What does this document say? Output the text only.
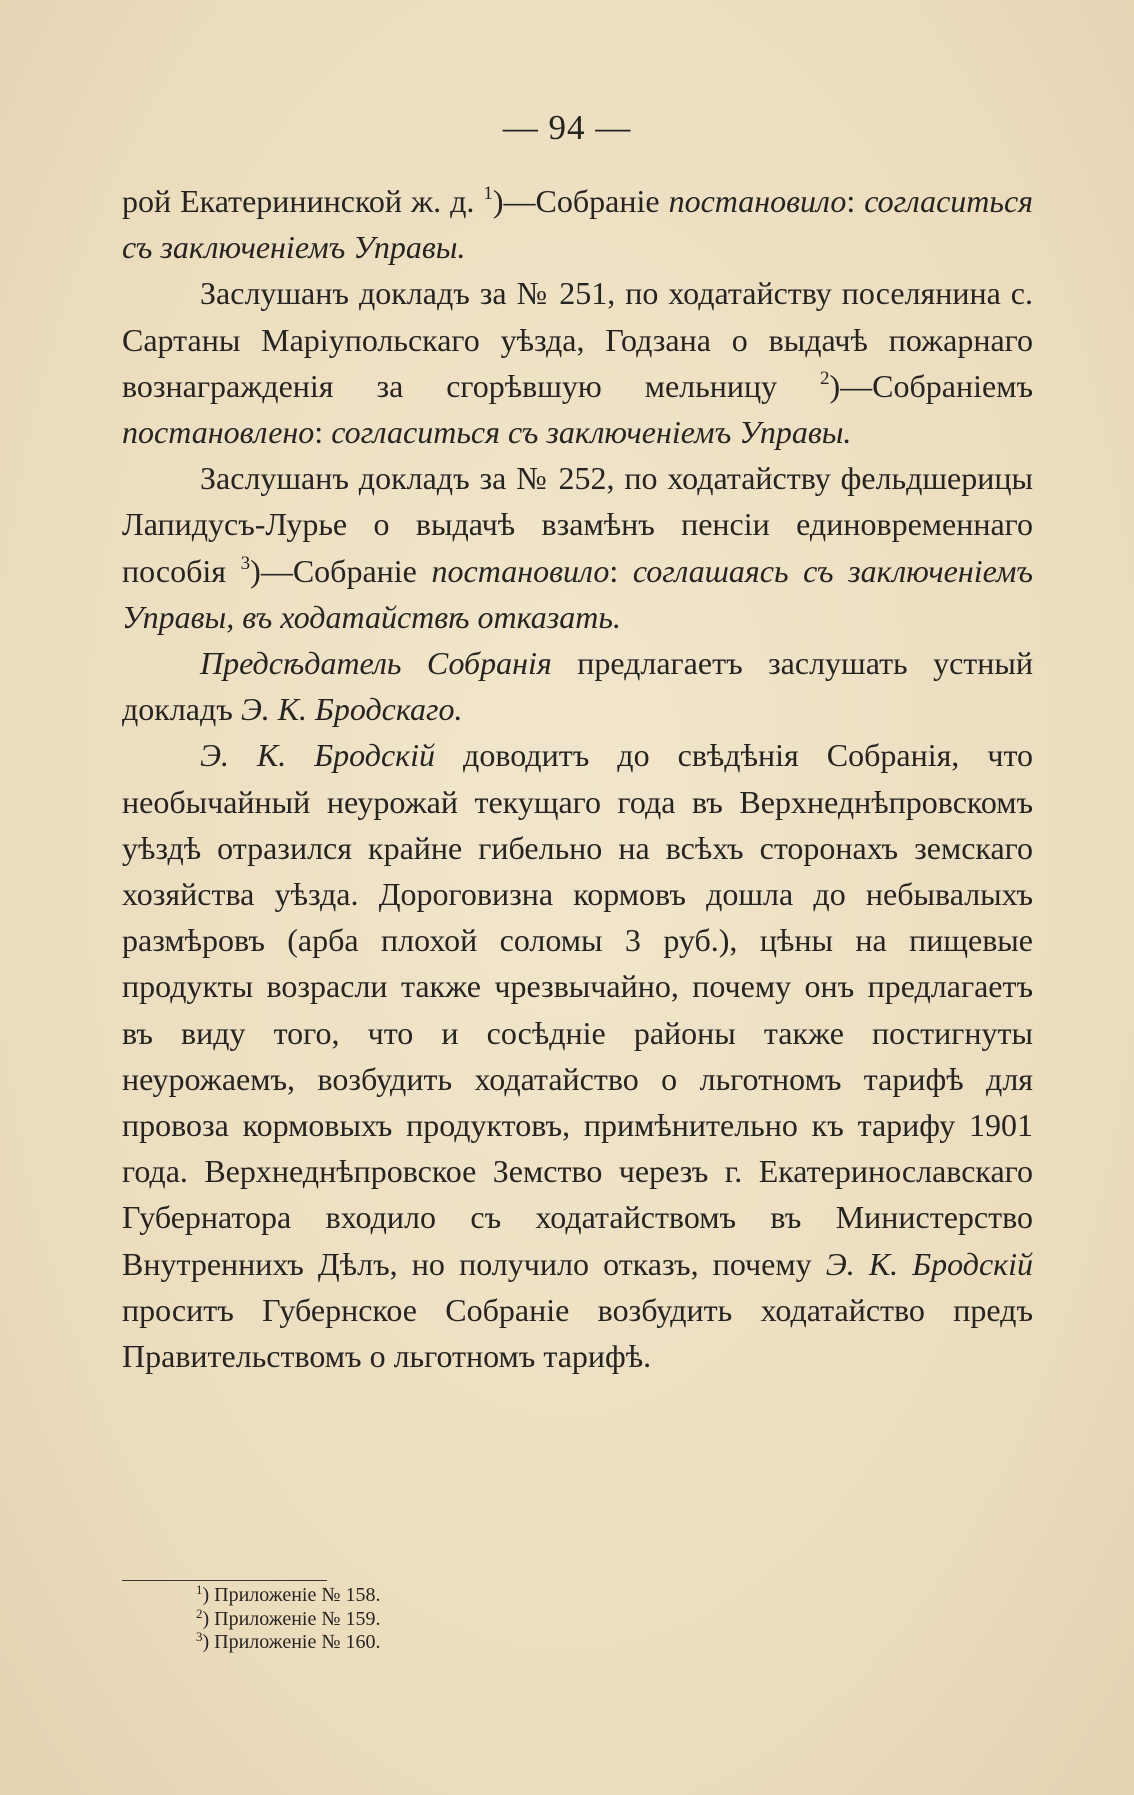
— 94 —

рой Екатерининской ж. д. $^1$)—Собраніе постановило: согласиться съ заключеніемъ Управы.

Заслушанъ докладъ за № 251, по ходатайству поселянина с. Сартаны Маріупольскаго уѣзда, Годзана о выдачѣ пожарнаго вознагражденія за сгорѣвшую мельницу $^2$)—Собраніемъ постановлено: согласиться съ заключеніемъ Управы.

Заслушанъ докладъ за № 252, по ходатайству фельдшерицы Лапидусъ-Лурье о выдачѣ взамѣнъ пенсіи единовременнаго пособія $^3$)—Собраніе постановило: соглашаясь съ заключеніемъ Управы, въ ходатайствѣ отказать.

Предсѣдатель Собранія предлагаетъ заслушать устный докладъ Э. К. Бродскаго.

Э. К. Бродскій доводитъ до свѣдѣнія Собранія, что необычайный неурожай текущаго года въ Верхнеднѣпровскомъ уѣздѣ отразился крайне гибельно на всѣхъ сторонахъ земскаго хозяйства уѣзда. Дороговизна кормовъ дошла до небывалыхъ размѣровъ (арба плохой соломы 3 руб.), цѣны на пищевые продукты возрасли также чрезвычайно, почему онъ предлагаетъ въ виду того, что и сосѣдніе районы также постигнуты неурожаемъ, возбудить ходатайство о льготномъ тарифѣ для провоза кормовыхъ продуктовъ, примѣнительно къ тарифу 1901 года. Верхнеднѣпровское Земство черезъ г. Екатеринославскаго Губернатора входило съ ходатайствомъ въ Министерство Внутреннихъ Дѣлъ, но получило отказъ, почему Э. К. Бродскій проситъ Губернское Собраніе возбудить ходатайство предъ Правительствомъ о льготномъ тарифѣ.

$^1$) Приложеніе № 158.
$^2$) Приложеніе № 159.
$^3$) Приложеніе № 160.
